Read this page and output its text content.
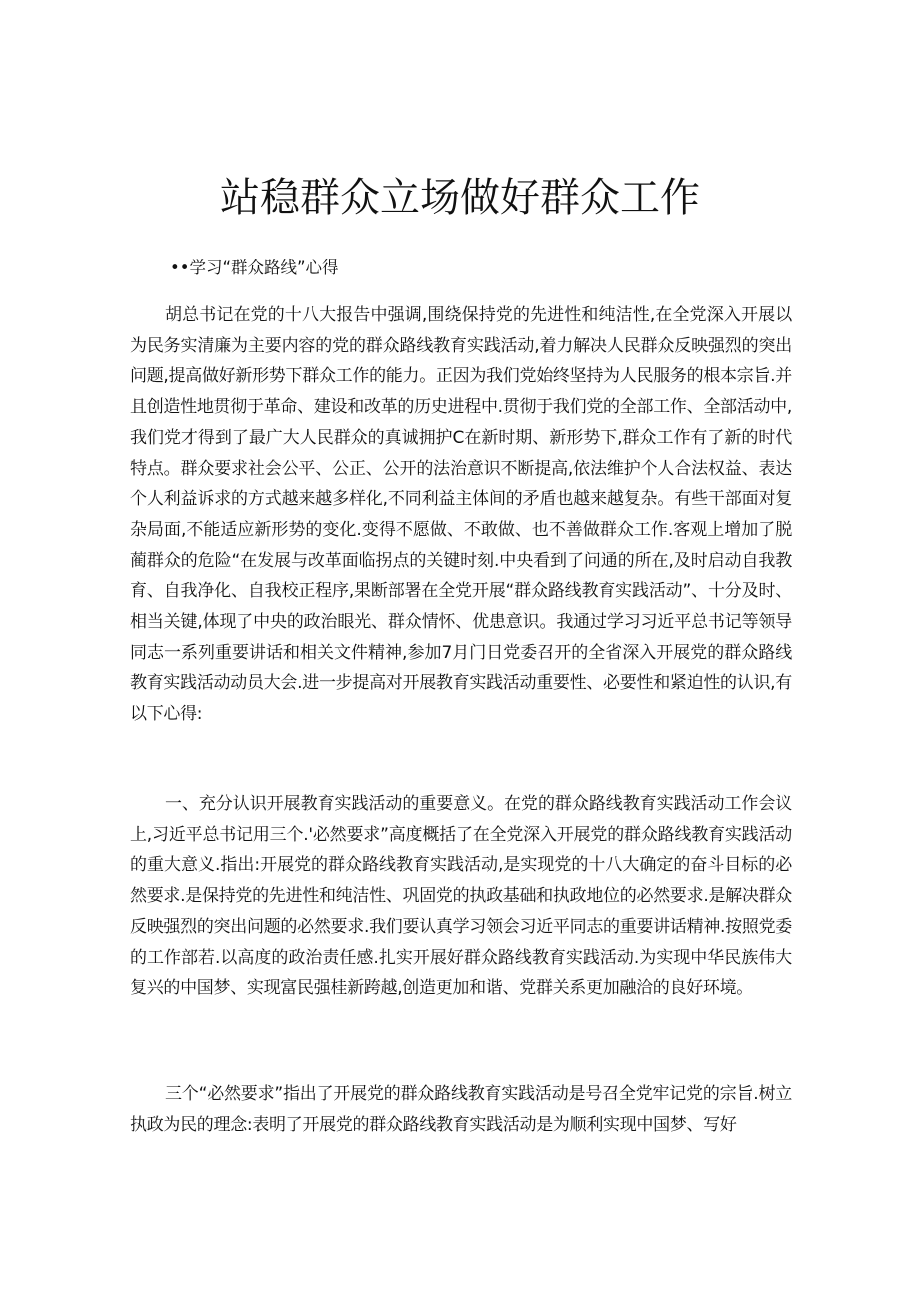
站稳群众立场做好群众工作

••学习“群众路线”心得

胡总书记在党的十八大报告中强调,围绕保持党的先进性和纯洁性,在全党深入开展以为民务实清廉为主要内容的党的群众路线教育实践活动,着力解决人民群众反映强烈的突出问题,提高做好新形势下群众工作的能力。正因为我们党始终坚持为人民服务的根本宗旨.并且创造性地贯彻于革命、建设和改革的历史进程中.贯彻于我们党的全部工作、全部活动中,我们党才得到了最广大人民群众的真诚拥护C在新时期、新形势下,群众工作有了新的时代特点。群众要求社会公平、公正、公开的法治意识不断提高,依法维护个人合法权益、表达个人利益诉求的方式越来越多样化,不同利益主体间的矛盾也越来越复杂。有些干部面对复杂局面,不能适应新形势的变化.变得不愿做、不敢做、也不善做群众工作.客观上增加了脱蔺群众的危险“在发展与改革面临拐点的关键时刻.中央看到了问通的所在,及时启动自我教育、自我净化、自我校正程序,果断部署在全党开展“群众路线教育实践活动”、十分及时、相当关键,体现了中央的政治眼光、群众情怀、优患意识。我通过学习习近平总书记等领导同志一系列重要讲话和相关文件精神,参加7月门日党委召开的全省深入开展党的群众路线教育实践活动动员大会.进一步提高对开展教育实践活动重要性、必要性和紧迫性的认识,有以下心得:

一、充分认识开展教育实践活动的重要意义。在党的群众路线教育实践活动工作会议上,习近平总书记用三个.'必然要求”高度概括了在全党深入开展党的群众路线教育实践活动的重大意义.指出:开展党的群众路线教育实践活动,是实现党的十八大确定的奋斗目标的必然要求.是保持党的先进性和纯洁性、巩固党的执政基础和执政地位的必然要求.是解决群众反映强烈的突出问题的必然要求.我们要认真学习领会习近平同志的重要讲话精神.按照党委的工作部若.以高度的政治责任感.扎实开展好群众路线教育实践活动.为实现中华民族伟大复兴的中国梦、实现富民强桂新跨越,创造更加和谐、党群关系更加融洽的良好环境。

三个“必然要求”指出了开展党的群众路线教育实践活动是号召全党牢记党的宗旨.树立执政为民的理念:表明了开展党的群众路线教育实践活动是为顺利实现中国梦、写好
